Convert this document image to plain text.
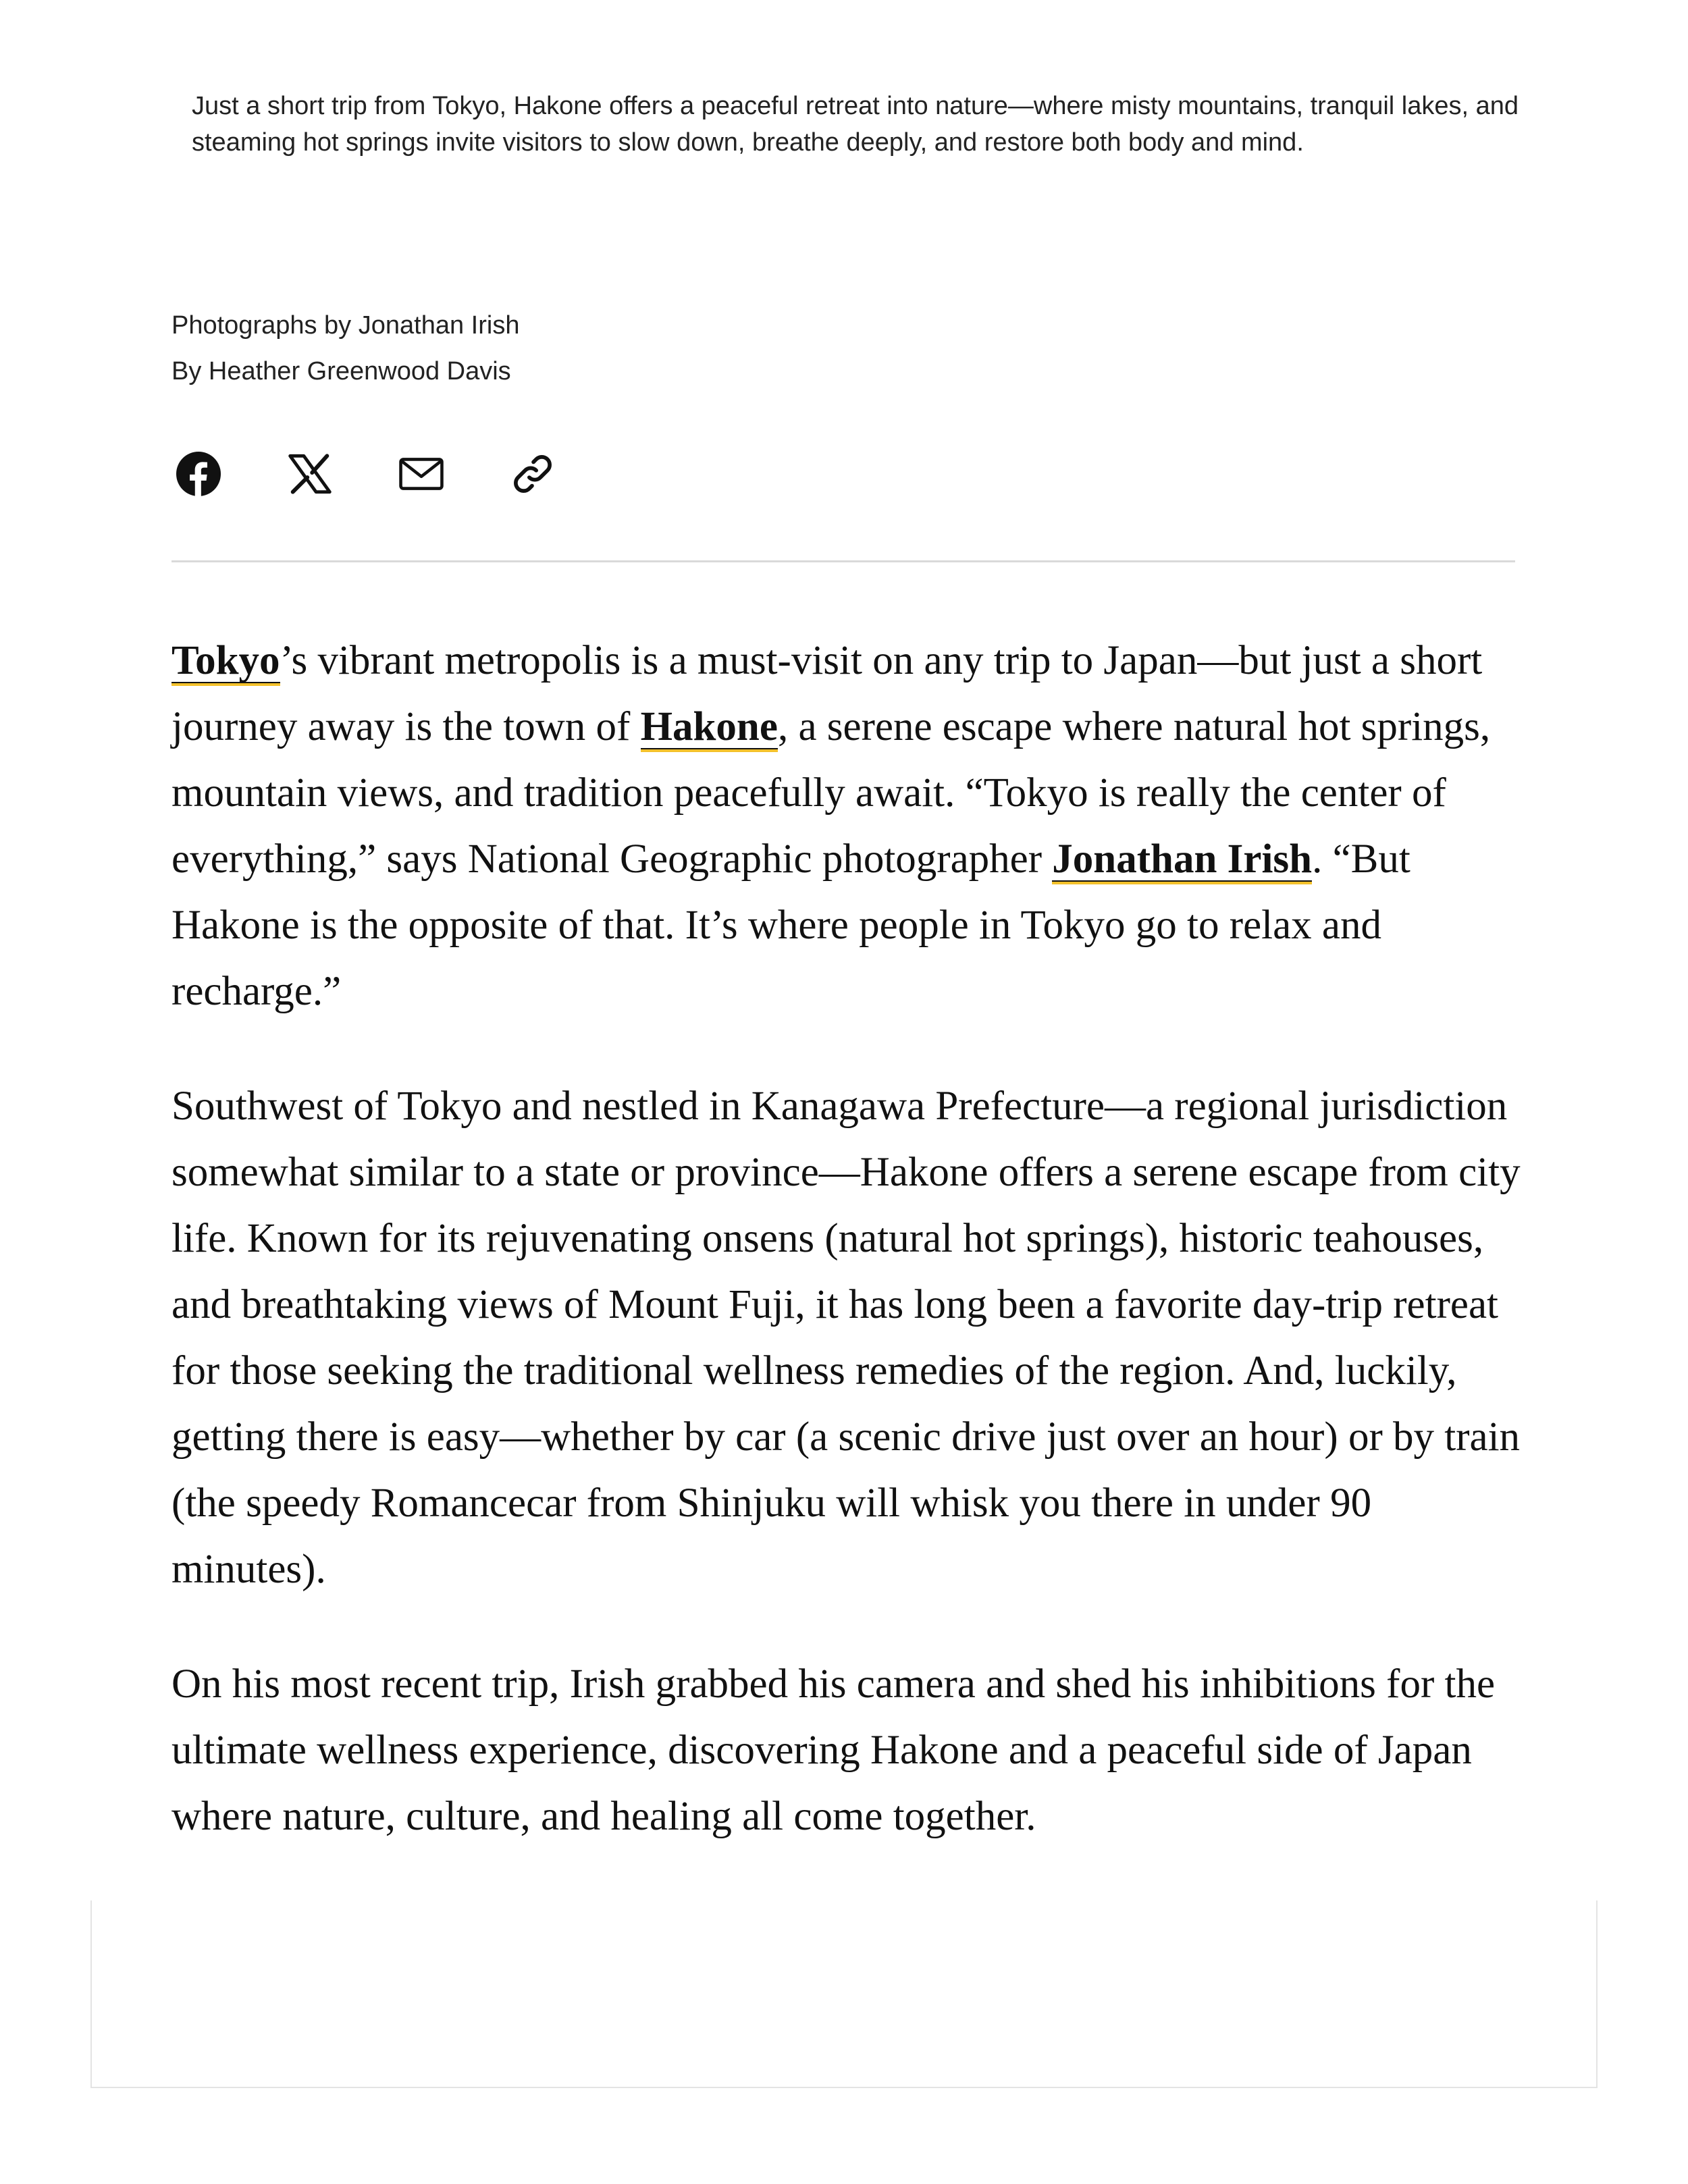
Just a short trip from Tokyo, Hakone offers a peaceful retreat into nature—where misty mountains, tranquil lakes, and steaming hot springs invite visitors to slow down, breathe deeply, and restore both body and mind.
Photographs by Jonathan Irish
By Heather Greenwood Davis

Tokyo’s vibrant metropolis is a must-visit on any trip to Japan—but just a short journey away is the town of Hakone, a serene escape where natural hot springs, mountain views, and tradition peacefully await. “Tokyo is really the center of everything,” says National Geographic photographer Jonathan Irish. “But Hakone is the opposite of that. It’s where people in Tokyo go to relax and recharge.”

Southwest of Tokyo and nestled in Kanagawa Prefecture—a regional jurisdiction somewhat similar to a state or province—Hakone offers a serene escape from city life. Known for its rejuvenating onsens (natural hot springs), historic teahouses, and breathtaking views of Mount Fuji, it has long been a favorite day-trip retreat for those seeking the traditional wellness remedies of the region. And, luckily, getting there is easy—whether by car (a scenic drive just over an hour) or by train (the speedy Romancecar from Shinjuku will whisk you there in under 90 minutes).

On his most recent trip, Irish grabbed his camera and shed his inhibitions for the ultimate wellness experience, discovering Hakone and a peaceful side of Japan where nature, culture, and healing all come together.
